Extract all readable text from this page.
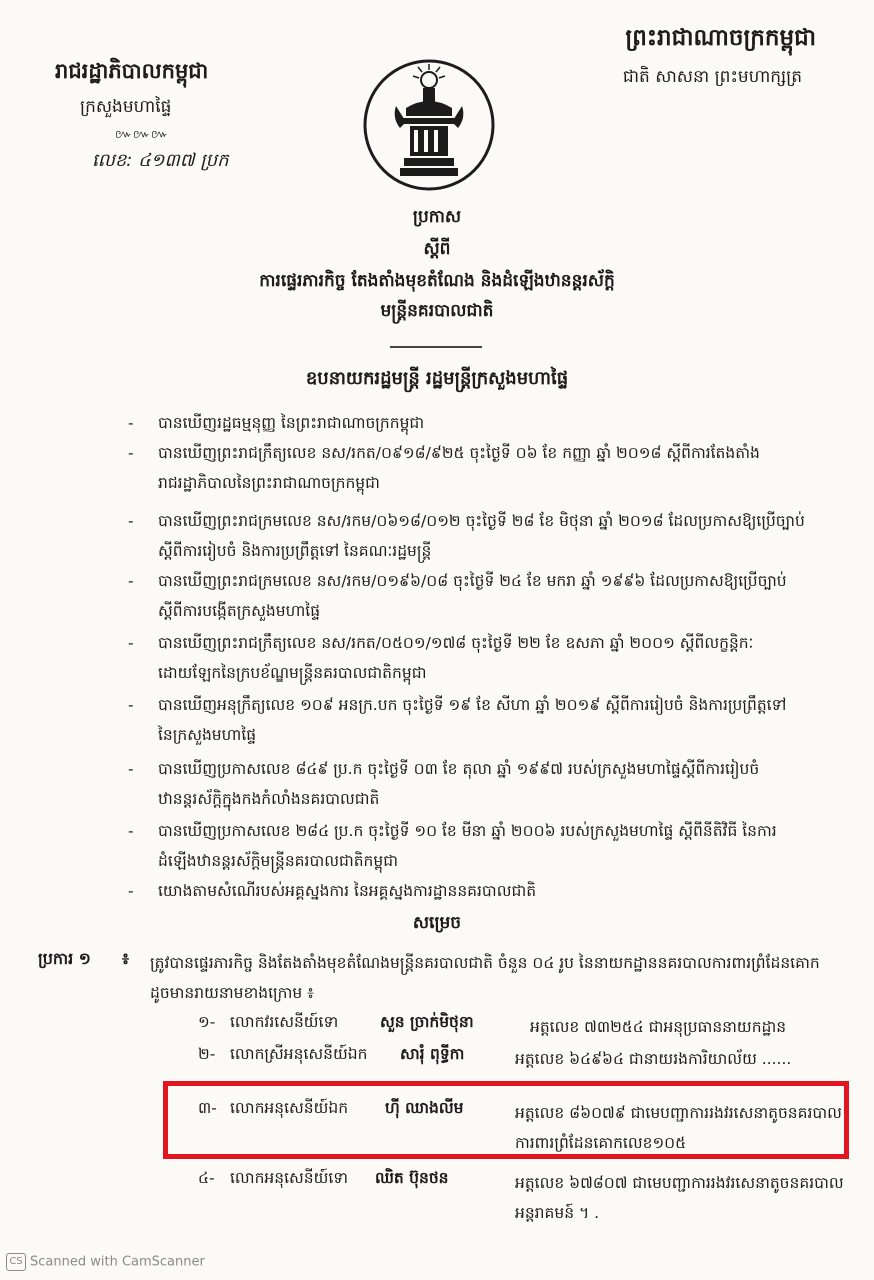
ព្រះរាជាណាចក្រកម្ពុជា
ជាតិ សាសនា ព្រះមហាក្សត្រ
រាជរដ្ឋាភិបាលកម្ពុជា
ក្រសួងមហាផ្ទៃ
៚៚៚
លេខ: ៤១៣៧ ប្រក
ប្រកាស
ស្ដីពី
ការផ្ទេរភារកិច្ច តែងតាំងមុខតំណែង និងដំឡើងឋានន្តរស័ក្តិ
មន្ត្រីនគរបាលជាតិ
ឧបនាយករដ្ឋមន្ត្រី រដ្ឋមន្ត្រីក្រសួងមហាផ្ទៃ
- បានឃើញរដ្ឋធម្មនុញ្ញ នៃព្រះរាជាណាចក្រកម្ពុជា
- បានឃើញព្រះរាជក្រឹត្យលេខ នស/រកត/០៩១៨/៩២៥ ចុះថ្ងៃទី ០៦ ខែ កញ្ញា ឆ្នាំ ២០១៨ ស្តីពីការតែងតាំង
រាជរដ្ឋាភិបាលនៃព្រះរាជាណាចក្រកម្ពុជា
- បានឃើញព្រះរាជក្រមលេខ នស/រកម/០៦១៨/០១២ ចុះថ្ងៃទី ២៨ ខែ មិថុនា ឆ្នាំ ២០១៨ ដែលប្រកាសឱ្យប្រើច្បាប់
ស្តីពីការរៀបចំ និងការប្រព្រឹត្តទៅ នៃគណៈរដ្ឋមន្ត្រី
- បានឃើញព្រះរាជក្រមលេខ នស/រកម/០១៩៦/០៨ ចុះថ្ងៃទី ២៤ ខែ មករា ឆ្នាំ ១៩៩៦ ដែលប្រកាសឱ្យប្រើច្បាប់
ស្តីពីការបង្កើតក្រសួងមហាផ្ទៃ
- បានឃើញព្រះរាជក្រឹត្យលេខ នស/រកត/០៥០១/១៧៨ ចុះថ្ងៃទី ២២ ខែ ឧសភា ឆ្នាំ ២០០១ ស្តីពីលក្ខន្តិកៈ
ដោយឡែកនៃក្របខ័ណ្ឌមន្ត្រីនគរបាលជាតិកម្ពុជា
- បានឃើញអនុក្រឹត្យលេខ ១០៩ អនក្រ.បក ចុះថ្ងៃទី ១៩ ខែ សីហា ឆ្នាំ ២០១៩ ស្តីពីការរៀបចំ និងការប្រព្រឹត្តទៅ
នៃក្រសួងមហាផ្ទៃ
- បានឃើញប្រកាសលេខ ៨៤៩ ប្រ.ក ចុះថ្ងៃទី ០៣ ខែ តុលា ឆ្នាំ ១៩៩៧ របស់ក្រសួងមហាផ្ទៃស្តីពីការរៀបចំ
ឋានន្តរស័ក្តិក្នុងកងកំលាំងនគរបាលជាតិ
- បានឃើញប្រកាសលេខ ២៨៤ ប្រ.ក ចុះថ្ងៃទី ១០ ខែ មីនា ឆ្នាំ ២០០៦ របស់ក្រសួងមហាផ្ទៃ ស្តីពីនីតិវិធី នៃការ
ដំឡើងឋានន្តរស័ក្តិមន្ត្រីនគរបាលជាតិកម្ពុជា
- យោងតាមសំណើរបស់អគ្គស្នងការ នៃអគ្គស្នងការដ្ឋាននគរបាលជាតិ
សម្រេច
ប្រការ ១ ៖ ត្រូវបានផ្ទេរភារកិច្ច និងតែងតាំងមុខតំណែងមន្ត្រីនគរបាលជាតិ ចំនួន ០៤ រូប នៃនាយកដ្ឋាននគរបាលការពារព្រំដែនគោក ដូចមានរាយនាមខាងក្រោម ៖
១- លោកវរសេនីយ៍ទោ	សួន ច្រាក់មិថុនា	អត្តលេខ ៧៣២៥៤ ជាអនុប្រធាននាយកដ្ឋាន
២- លោកស្រីអនុសេនីយ៍ឯក សារុំ ពុទ្ធីកា	អត្តលេខ ៦៤៩៦៤ ជានាយរងការិយាល័យ ......
៣- លោកអនុសេនីយ៍ឯក ហ៊ី ឈាងលីម	អត្តលេខ ៨៦០៧៩ ជាមេបញ្ជាការរងវរសេនាតូចនគរបាលការពារព្រំដែនគោកលេខ១០៥
៤- លោកអនុសេនីយ៍ទោ ឈិត ប៊ុនថន	អត្តលេខ ៦៧៨០៧ ជាមេបញ្ជាការរងវរសេនាតូចនគរបាលអន្តរាគមន៍ ។ .
CS Scanned with CamScanner
